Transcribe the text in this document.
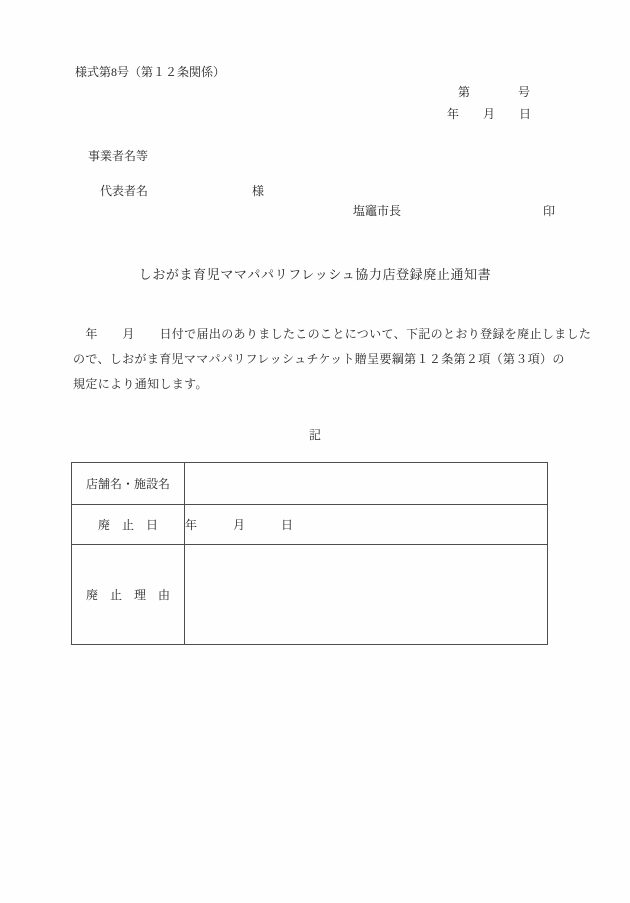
様式第8号（第１２条関係）
第　　　　号
年　　月　　日
事業者名等

代表者名	様

塩竈市長	印
しおがま育児ママパパリフレッシュ協力店登録廃止通知書
　年　　月　　日付で届出のありましたこのことについて、下記のとおり登録を廃止しました
ので、しおがま育児ママパパリフレッシュチケット贈呈要綱第１２条第２項（第３項）の
規定により通知します。
記
店舗名・施設名	
廃　止　日	年　　　月　　　日
廃　止　理　由	
